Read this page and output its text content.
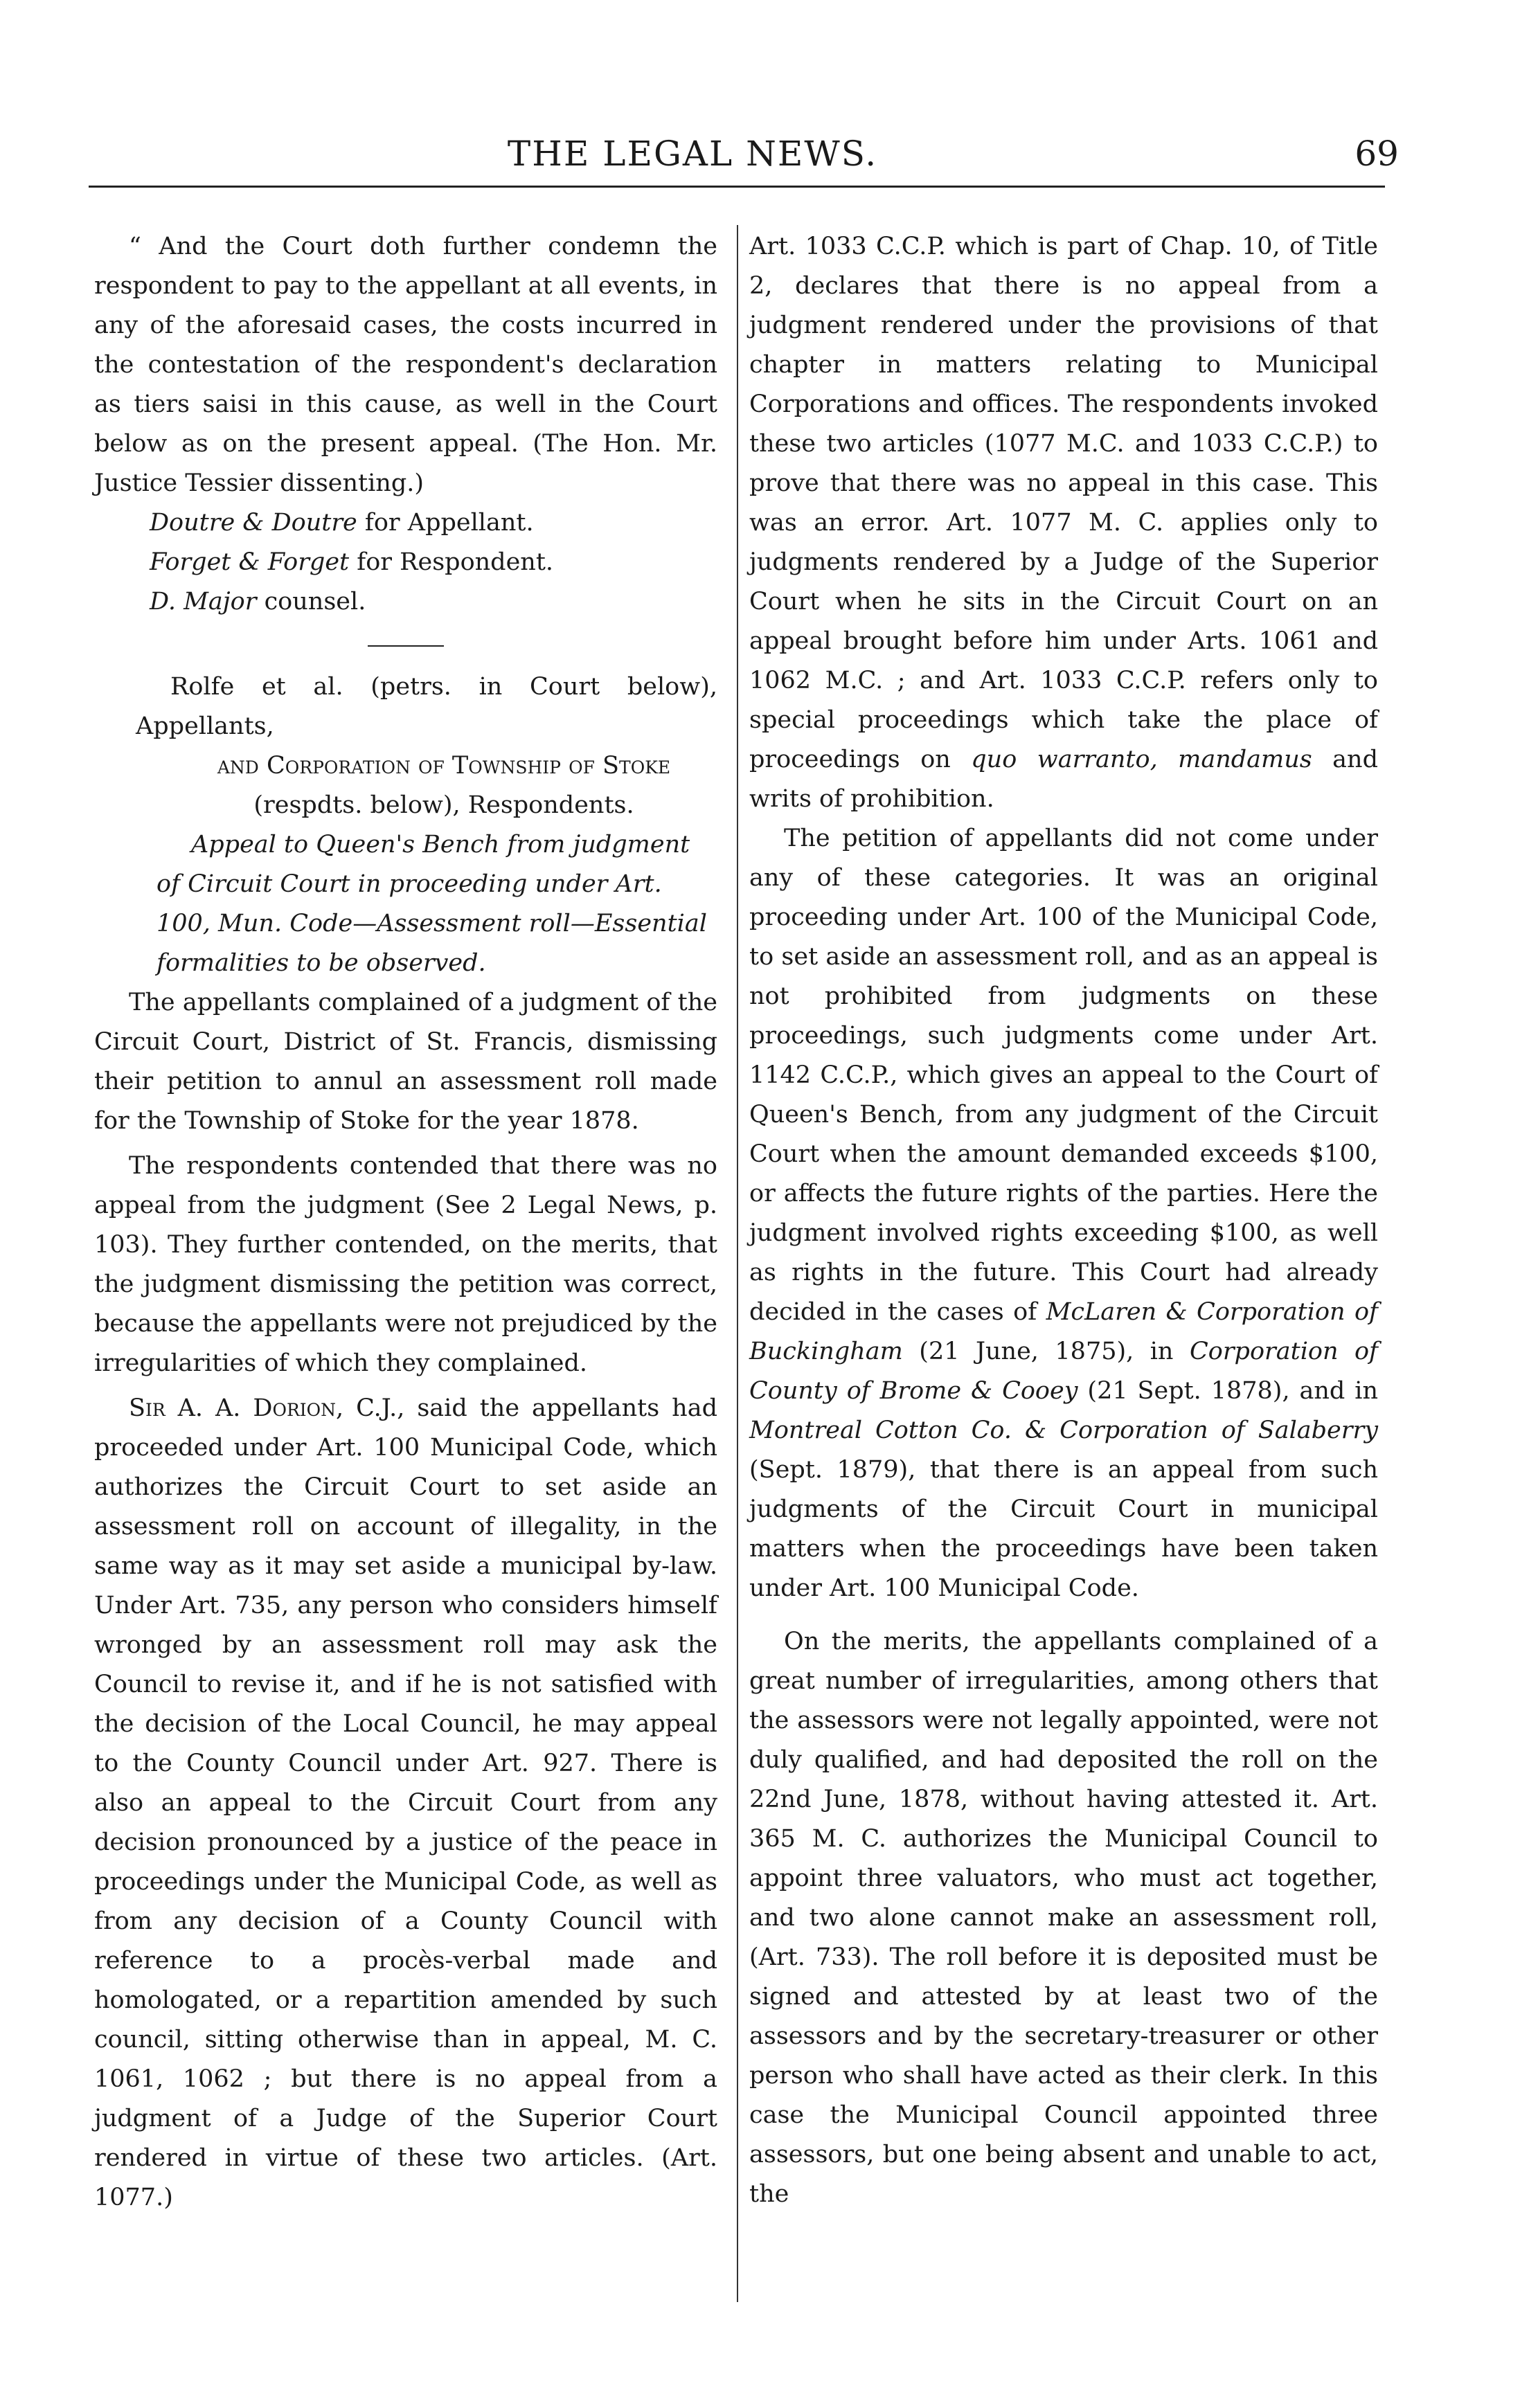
THE LEGAL NEWS.	69

“ And the Court doth further condemn the respondent to pay to the appellant at all events, in any of the aforesaid cases, the costs incurred in the contestation of the respondent's declaration as tiers saisi in this cause, as well in the Court below as on the present appeal. (The Hon. Mr. Justice Tessier dissenting.)

Doutre & Doutre for Appellant.

Forget & Forget for Respondent.

D. Major counsel.

Rolfe et al. (petrs. in Court below), Appellants,
and Corporation of Township of Stoke
(respdts. below), Respondents.

Appeal to Queen's Bench from judgment of Circuit Court in proceeding under Art. 100, Mun. Code—Assessment roll—Essential formalities to be observed.

The appellants complained of a judgment of the Circuit Court, District of St. Francis, dismissing their petition to annul an assessment roll made for the Township of Stoke for the year 1878.

The respondents contended that there was no appeal from the judgment (See 2 Legal News, p. 103). They further contended, on the merits, that the judgment dismissing the petition was correct, because the appellants were not prejudiced by the irregularities of which they complained.

Sir A. A. Dorion, C.J., said the appellants had proceeded under Art. 100 Municipal Code, which authorizes the Circuit Court to set aside an assessment roll on account of illegality, in the same way as it may set aside a municipal by-law. Under Art. 735, any person who considers himself wronged by an assessment roll may ask the Council to revise it, and if he is not satisfied with the decision of the Local Council, he may appeal to the County Council under Art. 927. There is also an appeal to the Circuit Court from any decision pronounced by a justice of the peace in proceedings under the Municipal Code, as well as from any decision of a County Council with reference to a procès-verbal made and homologated, or a repartition amended by such council, sitting otherwise than in appeal, M. C. 1061, 1062 ; but there is no appeal from a judgment of a Judge of the Superior Court rendered in virtue of these two articles. (Art. 1077.)

Art. 1033 C.C.P. which is part of Chap. 10, of Title 2, declares that there is no appeal from a judgment rendered under the provisions of that chapter in matters relating to Municipal Corporations and offices. The respondents invoked these two articles (1077 M.C. and 1033 C.C.P.) to prove that there was no appeal in this case. This was an error. Art. 1077 M. C. applies only to judgments rendered by a Judge of the Superior Court when he sits in the Circuit Court on an appeal brought before him under Arts. 1061 and 1062 M.C. ; and Art. 1033 C.C.P. refers only to special proceedings which take the place of proceedings on quo warranto, mandamus and writs of prohibition.

The petition of appellants did not come under any of these categories. It was an original proceeding under Art. 100 of the Municipal Code, to set aside an assessment roll, and as an appeal is not prohibited from judgments on these proceedings, such judgments come under Art. 1142 C.C.P., which gives an appeal to the Court of Queen's Bench, from any judgment of the Circuit Court when the amount demanded exceeds $100, or affects the future rights of the parties. Here the judgment involved rights exceeding $100, as well as rights in the future. This Court had already decided in the cases of McLaren & Corporation of Buckingham (21 June, 1875), in Corporation of County of Brome & Cooey (21 Sept. 1878), and in Montreal Cotton Co. & Corporation of Salaberry (Sept. 1879), that there is an appeal from such judgments of the Circuit Court in municipal matters when the proceedings have been taken under Art. 100 Municipal Code.

On the merits, the appellants complained of a great number of irregularities, among others that the assessors were not legally appointed, were not duly qualified, and had deposited the roll on the 22nd June, 1878, without having attested it. Art. 365 M. C. authorizes the Municipal Council to appoint three valuators, who must act together, and two alone cannot make an assessment roll, (Art. 733). The roll before it is deposited must be signed and attested by at least two of the assessors and by the secretary-treasurer or other person who shall have acted as their clerk. In this case the Municipal Council appointed three assessors, but one being absent and unable to act, the
